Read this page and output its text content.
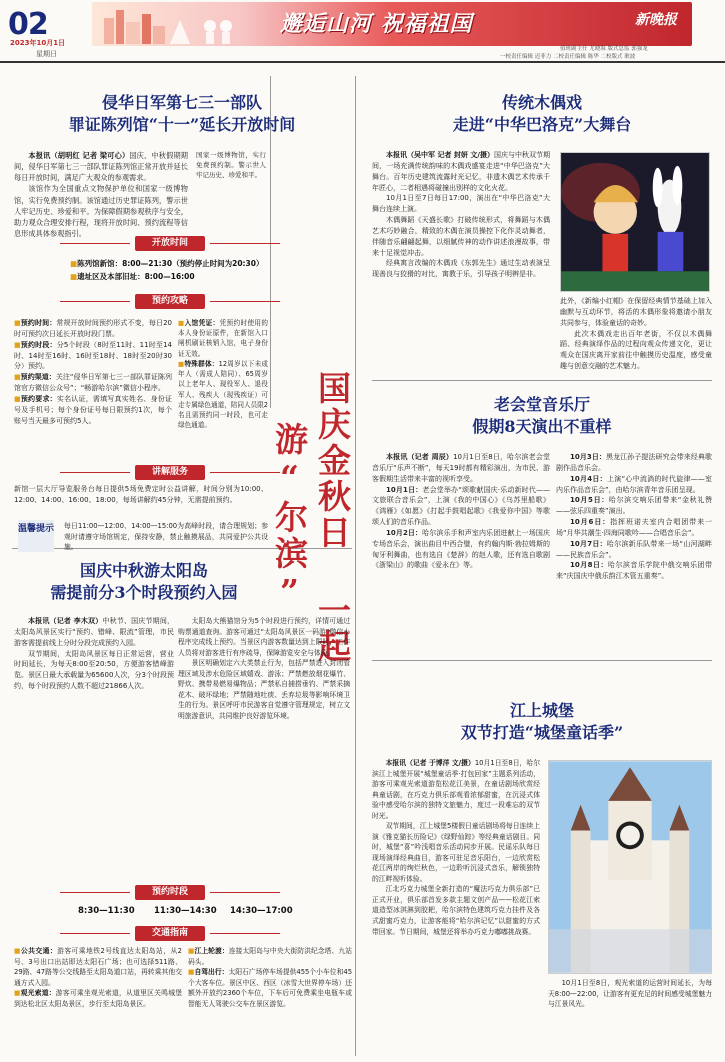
02
2023年10月1日
星期日
邂逅山河 祝福祖国	新晚报
值班副主任 尤晓海 版式总监 郭强龙
一校责任编辑 迟菲力 二校责任编辑 陈华 二校版式 耿波
侵华日军第七三一部队
罪证陈列馆“十一”延长开放时间

本报讯（胡明红 记者 梁可心）国庆、中秋假期期间，侵华日军第七三一部队罪证陈列馆正常开放并延长每日开放时间，满足广大观众的参观需求。

该馆作为全国重点文物保护单位和国家一级博物馆，实行免费预约制。该馆通过历史罪证陈列，警示世人牢记历史、珍爱和平。为保障假期参观秩序与安全，助力观众合理安排行程，现将开放时间、预约流程等信息形成具体参观指引。

国家一级博物馆，实行免费预约制。警示世人牢记历史、珍爱和平。

开放时间
■陈列馆新馆：8:00—21:30（预约停止时间为20:30）
■遗址区及本部旧址：8:00—16:00
预约攻略

■预约时间：常规开放时间预约形式不变，每日20时可预约次日延长开放时段门票。

■预约时段：分5个时段（8时至11时、11时至14时、14时至16时、16时至18时、18时至20时30分）预约。

■预约渠道：关注“侵华日军第七三一部队罪证陈列馆官方微信公众号”；“畅游哈尔滨”微信小程序。

■预约要求：实名认证，需填写真实姓名、身份证号及手机号；每个身份证号每日限预约1次，每个账号当天最多可预约5人。

■入馆凭证：凭预约时使用的本人身份证原件，在新馆入口闸机刷证核销入馆，电子身份证无效。

■特殊群体：12周岁以下未成年人（需成人陪同）、65周岁以上老年人、现役军人、退役军人、残疾人（现残疾证）可走专属绿色通道，陪同人员限2名且需预约同一时段，也可走绿色通道。

讲解服务
新馆一层大厅导览服务台每日提供5场免费定时公益讲解，时间分别为10:00、12:00、14:00、16:00、18:00，每场讲解约45分钟，无需提前预约。
温馨提示 每日11:00—12:00、14:00—15:00为高峰时段，请合理规划；参观时请遵守场馆规定，保持安静，禁止触摸展品，共同爱护公共设施。	国庆金秋日 一起游“尔滨”
国庆中秋游太阳岛
需提前分3个时段预约入园

本报讯（记者 李木双）中秋节、国庆节期间，太阳岛风景区实行“预约、错峰、限流”管理，市民游客需提前线上分时分段完成预约入园。

双节期间，太阳岛风景区每日正常运营，营业时间延长，为每天8:00至20:50，方便游客错峰游览。景区日最大承载量为65600人次，分3个时段预约，每个时段预约人数不超过21866人次。

太阳岛大熊猫馆分为5个时段进行预约，详情可通过购票通道查询。游客可通过“太阳岛风景区一码游”微信小程序完成线上预约。当景区内游客数量达到上限时，工作人员将对游客进行有序疏导，保障游览安全与体验。

景区明确划定六大类禁止行为，包括严禁进入封闭管理区域及涉水危险区域嬉戏、游泳；严禁燃放烟花爆竹、野炊、携带易燃易爆物品；严禁私自捕捞垂钓、严禁采摘花木、破坏绿地；严禁随地吐痰、丢弃垃圾等影响环境卫生的行为。景区呼吁市民游客自觉遵守管理规定，树立文明旅游意识，共同维护良好游览环境。

预约时段
8:30—11:30 11:30—14:30 14:30—17:00
交通指南

■公共交通：游客可乘地铁2号线直达太阳岛站，从2号、3号出口出站即达太阳石广场；也可选择511路、29路、47路等公交线路至太阳岛道口站，再转乘其他交通方式入园。

■观光索道：游客可乘坐观光索道，从道里区关鸣城堡到达松北区太阳岛景区，步行至太阳岛景区。

■江上轮渡：连接太阳岛与中央大街防洪纪念塔、九站码头。

■自驾出行：太阳石广场停车场提供455个小车位和45个大客车位。景区中区、西区（冰雪大世界停车场）还额外开放约2360个车位，下车后可免费乘坐电瓶车或智能无人驾驶公交车在景区游览。

传统木偶戏
走进“中华巴洛克”大舞台

本报讯（吴中军 记者 封妍 文/摄）国庆与中秋双节期间，一场充满传统韵味的木偶戏盛宴走进“中华巴洛克”大舞台。百年历史建筑流露时光记忆，非遗木偶艺术传承千年匠心，二者相遇将碰撞出别样的文化火花。

10月1日至7日每日17:00，演出在“中华巴洛克”大舞台连续上演。

木偶舞蹈《天盛长歌》打破传统形式，将舞蹈与木偶艺术巧妙融合，精致的木偶在演员操控下化作灵动舞者，伴随音乐翩翩起舞，以细腻传神的动作讲述浪漫故事，带来十足视觉冲击。

经典寓言改编的木偶戏《东郭先生》通过生动表演呈现善良与狡猾的对比，寓教于乐，引导孩子明辨是非。

此外，《新编小红帽》在保留经典情节基础上加入幽默与互动环节，将活的木偶形象将邀请小朋友共同参与，体验童话的奇妙。

此次木偶戏走出百年老街，不仅以木偶舞蹈、经典演绎作品的过程向观众传递文化，更让观众在国庆离开家前往中触摸历史温度，感受童趣与创意交融的艺术魅力。

老会堂音乐厅
假期8天演出不重样

本报讯（记者 周辰）10月1日至8日，哈尔滨老会堂音乐厅“乐声不断”，每天19时都有精彩演出，为市民、游客假期生活带来丰富的视听享受。

10月1日：老会堂举办“颂歌献国庆·乐动新时代——文旅联合音乐会”，上演《我的中国心》《乌苏里船歌》《鸿雁》《如愿》《打起手鼓唱起歌》《我爱你中国》等歌颂人们的音乐作品。

10月2日：哈尔滨乐手和声室内乐团进献上一场国庆专场音乐会，演出曲目中西合璧，有约翰内斯·勃拉姆斯的匈牙利舞曲，也有选自《楚辞》的赵人歌，还有选自歌剧《浙梁山》的歌曲《爱永在》等。

10月3日：黑龙江孙子提法研究会带来经典歌剧作品音乐会。

10月4日：上演“心中流淌的时代旋律——室内乐作品音乐会”，由哈尔滨青年音乐团呈现。

10月5日：哈尔滨交响乐团带来“金秋礼赞——弦乐四重奏”演出。

10月6日：指挥班诺夫室内合唱团带来一场“月华共潮生·四海同歌吟——合唱音乐会”。

10月7日：哈尔滨新乐队带来一场“山河湖畔——民族音乐会”。

10月8日：哈尔滨音乐学院中俄交响乐团带来“庆国庆中俄乐韵江木管五重奏”。

江上城堡
双节打造“城堡童话季”

本报讯（记者 于博洋 文/摄）10月1日至8日，哈尔滨江上城堡开展“城堡童话季·打包回家”主题系列活动，游客可乘观光索道游览松花江美景，在童话剧场欣赏经典童话剧，在巧克力俱乐部观看浓郁甜蜜，在沉浸式体验中感受哈尔滨的独特文旅魅力，度过一段难忘的双节时光。

双节期间，江上城堡5楼假日童话剧场将每日连续上演《雅克猫长历险记》《绿野仙踪》等经典童话剧目。同时，城堡“喜”吟浅唱音乐活动同步开展。民谣乐队每日现场演绎经典曲目，游客可驻足音乐阳台，一边欣赏松花江两岸的绚烂秋色，一边聆听沉浸式音乐，解锁独特的江畔视听体验。

江北巧克力城堡全新打造的“魔法巧克力俱乐部”已正式开业，俱乐部首发多款主题文创产品——松花江索道造型冰淇淋到胶耙，哈尔滨特色建筑巧克力挂件及各式甜蜜巧克力，让游客能将“哈尔滨记忆”以甜蜜的方式带回家。节日期间，城堡还将举办巧克力嘟嘟挑战赛。

10月1日至8日，观光索道的运营时间延长，为每天8:00—22:00，让游客有更充足的时间感受城堡魅力与江景风光。
